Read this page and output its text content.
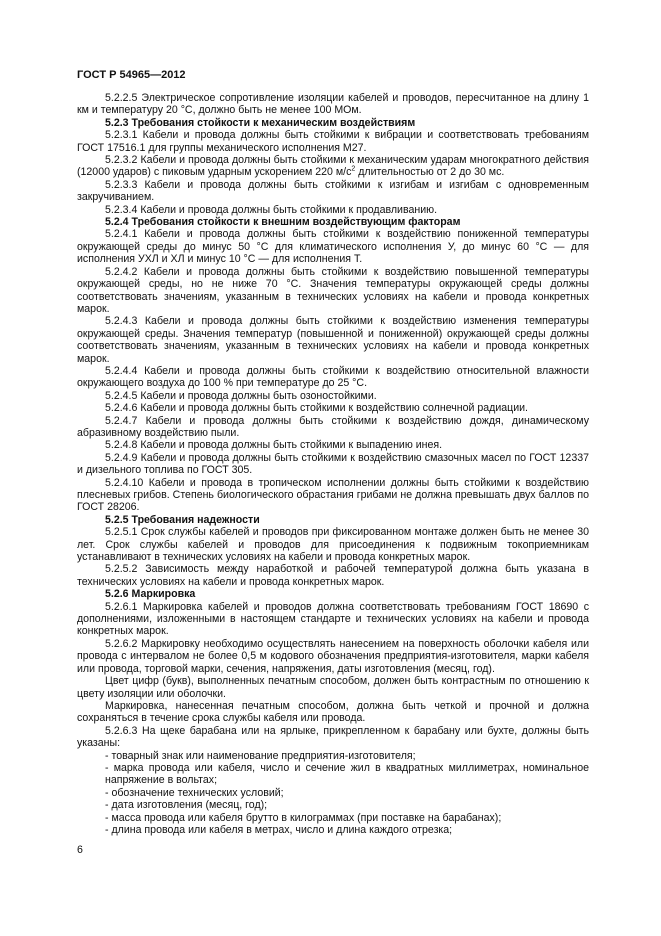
ГОСТ Р 54965—2012

5.2.2.5 Электрическое сопротивление изоляции кабелей и проводов, пересчитанное на длину 1 км и температуру 20 °С, должно быть не менее 100 МОм.

5.2.3 Требования стойкости к механическим воздействиям

5.2.3.1 Кабели и провода должны быть стойкими к вибрации и соответствовать требованиям ГОСТ 17516.1 для группы механического исполнения М27.

5.2.3.2 Кабели и провода должны быть стойкими к механическим ударам многократного действия (12000 ударов) с пиковым ударным ускорением 220 $м/с^2$ длительностью от 2 до 30 мс.

5.2.3.3 Кабели и провода должны быть стойкими к изгибам и изгибам с одновременным закручиванием.

5.2.3.4 Кабели и провода должны быть стойкими к продавливанию.

5.2.4 Требования стойкости к внешним воздействующим факторам

5.2.4.1 Кабели и провода должны быть стойкими к воздействию пониженной температуры окружающей среды до минус 50 °С для климатического исполнения У, до минус 60 °С — для исполнения УХЛ и ХЛ и минус 10 °С — для исполнения Т.

5.2.4.2 Кабели и провода должны быть стойкими к воздействию повышенной температуры окружающей среды, но не ниже 70 °С. Значения температуры окружающей среды должны соответствовать значениям, указанным в технических условиях на кабели и провода конкретных марок.

5.2.4.3 Кабели и провода должны быть стойкими к воздействию изменения температуры окружающей среды. Значения температур (повышенной и пониженной) окружающей среды должны соответствовать значениям, указанным в технических условиях на кабели и провода конкретных марок.

5.2.4.4 Кабели и провода должны быть стойкими к воздействию относительной влажности окружающего воздуха до 100 % при температуре до 25 °С.

5.2.4.5 Кабели и провода должны быть озоностойкими.

5.2.4.6 Кабели и провода должны быть стойкими к воздействию солнечной радиации.

5.2.4.7 Кабели и провода должны быть стойкими к воздействию дождя, динамическому абразивному воздействию пыли.

5.2.4.8 Кабели и провода должны быть стойкими к выпадению инея.

5.2.4.9 Кабели и провода должны быть стойкими к воздействию смазочных масел по ГОСТ 12337 и дизельного топлива по ГОСТ 305.

5.2.4.10 Кабели и провода в тропическом исполнении должны быть стойкими к воздействию плесневых грибов. Степень биологического обрастания грибами не должна превышать двух баллов по ГОСТ 28206.

5.2.5 Требования надежности

5.2.5.1 Срок службы кабелей и проводов при фиксированном монтаже должен быть не менее 30 лет. Срок службы кабелей и проводов для присоединения к подвижным токоприемникам устанавливают в технических условиях на кабели и провода конкретных марок.

5.2.5.2 Зависимость между наработкой и рабочей температурой должна быть указана в технических условиях на кабели и провода конкретных марок.

5.2.6 Маркировка

5.2.6.1 Маркировка кабелей и проводов должна соответствовать требованиям ГОСТ 18690 с дополнениями, изложенными в настоящем стандарте и технических условиях на кабели и провода конкретных марок.

5.2.6.2 Маркировку необходимо осуществлять нанесением на поверхность оболочки кабеля или провода с интервалом не более 0,5 м кодового обозначения предприятия-изготовителя, марки кабеля или провода, торговой марки, сечения, напряжения, даты изготовления (месяц, год).

Цвет цифр (букв), выполненных печатным способом, должен быть контрастным по отношению к цвету изоляции или оболочки.

Маркировка, нанесенная печатным способом, должна быть четкой и прочной и должна сохраняться в течение срока службы кабеля или провода.

5.2.6.3 На щеке барабана или на ярлыке, прикрепленном к барабану или бухте, должны быть указаны:

- товарный знак или наименование предприятия-изготовителя;

- марка провода или кабеля, число и сечение жил в квадратных миллиметрах, номинальное напряжение в вольтах;

- обозначение технических условий;

- дата изготовления (месяц, год);

- масса провода или кабеля брутто в килограммах (при поставке на барабанах);

- длина провода или кабеля в метрах, число и длина каждого отрезка;

6
